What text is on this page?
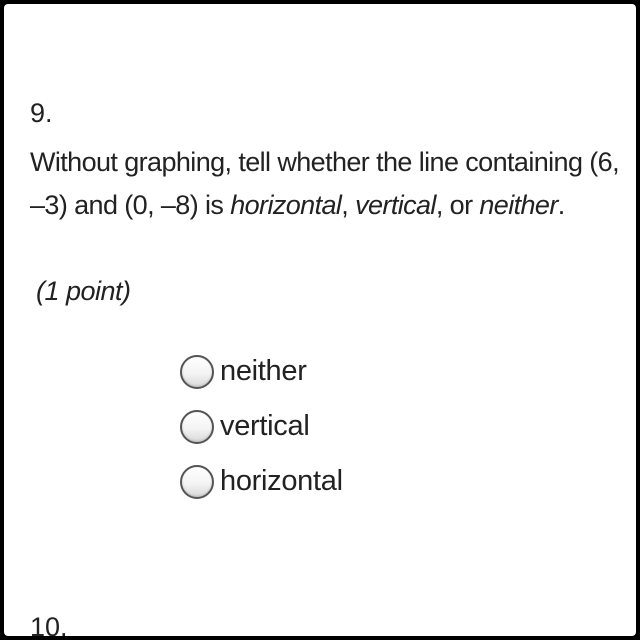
9.

Without graphing, tell whether the line containing (6, –3) and (0, –8) is horizontal, vertical, or neither.

(1 point)

neither
vertical
horizontal

10.
